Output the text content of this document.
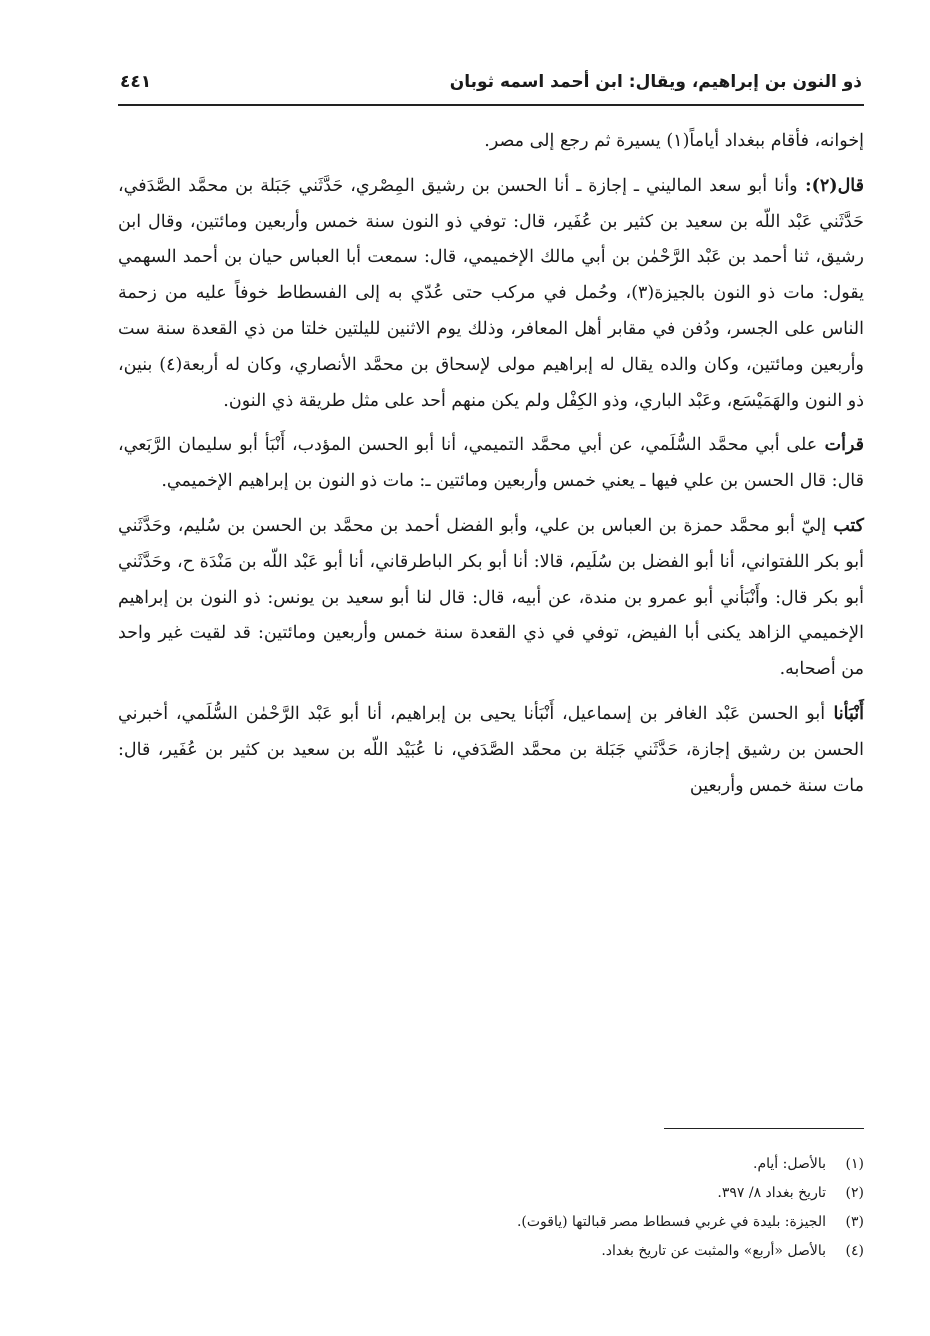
ذو النون بن إبراهيم، ويقال: ابن أحمد اسمه ثوبان
٤٤١

إخوانه، فأقام ببغداد أياماً(١) يسيرة ثم رجع إلى مصر.

قال(٢): وأنا أبو سعد الماليني ـ إجازة ـ أنا الحسن بن رشيق المِصْري، حَدَّثَني جَبَلة بن محمَّد الصَّدَفي، حَدَّثَني عَبْد اللّه بن سعيد بن كثير بن عُفَير، قال: توفي ذو النون سنة خمس وأربعين ومائتين، وقال ابن رشيق، ثنا أحمد بن عَبْد الرَّحْمٰن بن أبي مالك الإخميمي، قال: سمعت أبا العباس حيان بن أحمد السهمي يقول: مات ذو النون بالجيزة(٣)، وحُمل في مركب حتى عُدّي به إلى الفسطاط خوفاً عليه من زحمة الناس على الجسر، ودُفن في مقابر أهل المعافر، وذلك يوم الاثنين لليلتين خلتا من ذي القعدة سنة ست وأربعين ومائتين، وكان والده يقال له إبراهيم مولى لإسحاق بن محمَّد الأنصاري، وكان له أربعة(٤) بنين، ذو النون والهَمَيْسَع، وعَبْد الباري، وذو الكِفْل ولم يكن منهم أحد على مثل طريقة ذي النون.

قرأت على أبي محمَّد السُّلَمي، عن أبي محمَّد التميمي، أنا أبو الحسن المؤدب، أَنْبَأ أبو سليمان الرَّبَعي، قال: قال الحسن بن علي فيها ـ يعني خمس وأربعين ومائتين ـ: مات ذو النون بن إبراهيم الإخميمي.

كتب إليّ أبو محمَّد حمزة بن العباس بن علي، وأبو الفضل أحمد بن محمَّد بن الحسن بن سُليم، وحَدَّثَني أبو بكر اللفتواني، أنا أبو الفضل بن سُلَيم، قالا: أنا أبو بكر الباطرقاني، أنا أبو عَبْد اللّه بن مَنْدَة ح، وحَدَّثَني أبو بكر قال: وأَنْبَأني أبو عمرو بن مندة، عن أبيه، قال: قال لنا أبو سعيد بن يونس: ذو النون بن إبراهيم الإخميمي الزاهد يكنى أبا الفيض، توفي في ذي القعدة سنة خمس وأربعين ومائتين: قد لقيت غير واحد من أصحابه.

أَنْبَأنا أبو الحسن عَبْد الغافر بن إسماعيل، أَنْبَأنا يحيى بن إبراهيم، أنا أبو عَبْد الرَّحْمٰن السُّلَمي، أخبرني الحسن بن رشيق إجازة، حَدَّثَني جَبَلة بن محمَّد الصَّدَفي، نا عُبَيْد اللّه بن سعيد بن كثير بن عُفَير، قال: مات سنة خمس وأربعين

(١)
بالأصل: أيام.
(٢)
تاريخ بغداد ٨/ ٣٩٧.
(٣)
الجيزة: بليدة في غربي فسطاط مصر قبالتها (ياقوت).
(٤)
بالأصل «أربع» والمثبت عن تاريخ بغداد.
